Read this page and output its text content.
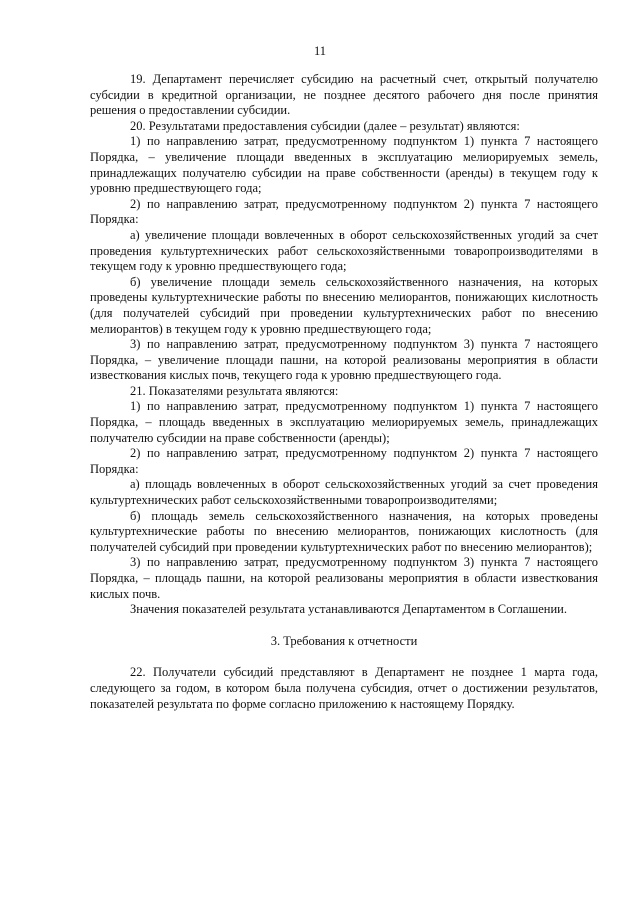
11

19. Департамент перечисляет субсидию на расчетный счет, открытый получателю субсидии в кредитной организации, не позднее десятого рабочего дня после принятия решения о предоставлении субсидии.

20. Результатами предоставления субсидии (далее – результат) являются:

1) по направлению затрат, предусмотренному подпунктом 1) пункта 7 настоящего Порядка, – увеличение площади введенных в эксплуатацию мелиорируемых земель, принадлежащих получателю субсидии на праве собственности (аренды) в текущем году к уровню предшествующего года;

2) по направлению затрат, предусмотренному подпунктом 2) пункта 7 настоящего Порядка:

а) увеличение площади вовлеченных в оборот сельскохозяйственных угодий за счет проведения культуртехнических работ сельскохозяйственными товаропроизводителями в текущем году к уровню предшествующего года;

б) увеличение площади земель сельскохозяйственного назначения, на которых проведены культуртехнические работы по внесению мелиорантов, понижающих кислотность (для получателей субсидий при проведении культуртехнических работ по внесению мелиорантов) в текущем году к уровню предшествующего года;

3) по направлению затрат, предусмотренному подпунктом 3) пункта 7 настоящего Порядка, – увеличение площади пашни, на которой реализованы мероприятия в области известкования кислых почв, текущего года к уровню предшествующего года.

21. Показателями результата являются:

1) по направлению затрат, предусмотренному подпунктом 1) пункта 7 настоящего Порядка, – площадь введенных в эксплуатацию мелиорируемых земель, принадлежащих получателю субсидии на праве собственности (аренды);

2) по направлению затрат, предусмотренному подпунктом 2) пункта 7 настоящего Порядка:

а) площадь вовлеченных в оборот сельскохозяйственных угодий за счет проведения культуртехнических работ сельскохозяйственными товаропроизводителями;

б) площадь земель сельскохозяйственного назначения, на которых проведены культуртехнические работы по внесению мелиорантов, понижающих кислотность (для получателей субсидий при проведении культуртехнических работ по внесению мелиорантов);

3) по направлению затрат, предусмотренному подпунктом 3) пункта 7 настоящего Порядка, – площадь пашни, на которой реализованы мероприятия в области известкования кислых почв.

Значения показателей результата устанавливаются Департаментом в Соглашении.

3. Требования к отчетности

22. Получатели субсидий представляют в Департамент не позднее 1 марта года, следующего за годом, в котором была получена субсидия, отчет о достижении результатов, показателей результата по форме согласно приложению к настоящему Порядку.
